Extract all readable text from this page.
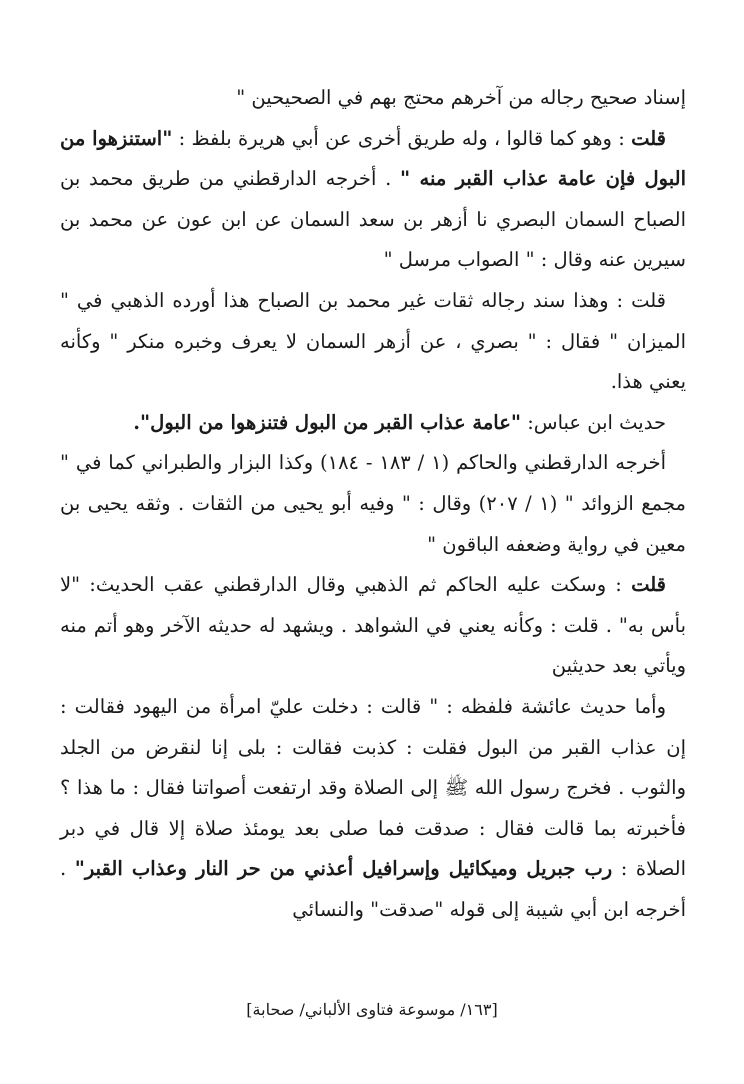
إسناد صحيح رجاله من آخرهم محتج بهم في الصحيحين "

قلت : وهو كما قالوا ، وله طريق أخرى عن أبي هريرة بلفظ : "استنزهوا من البول فإن عامة عذاب القبر منه " . أخرجه الدارقطني من طريق محمد بن الصباح السمان البصري نا أزهر بن سعد السمان عن ابن عون عن محمد بن سيرين عنه وقال : " الصواب مرسل "

قلت : وهذا سند رجاله ثقات غير محمد بن الصباح هذا أورده الذهبي في " الميزان " فقال : " بصري ، عن أزهر السمان لا يعرف وخبره منكر " وكأنه يعني هذا.

حديث ابن عباس: "عامة عذاب القبر من البول فتنزهوا من البول".

أخرجه الدارقطني والحاكم (١ / ١٨٣ - ١٨٤) وكذا البزار والطبراني كما في " مجمع الزوائد " (١ / ٢٠٧) وقال : " وفيه أبو يحيى من الثقات . وثقه يحيى بن معين في رواية وضعفه الباقون "

قلت : وسكت عليه الحاكم ثم الذهبي وقال الدارقطني عقب الحديث: "لا بأس به" . قلت : وكأنه يعني في الشواهد . ويشهد له حديثه الآخر وهو أتم منه ويأتي بعد حديثين

وأما حديث عائشة فلفظه : " قالت : دخلت عليّ امرأة من اليهود فقالت : إن عذاب القبر من البول فقلت : كذبت فقالت : بلى إنا لنقرض من الجلد والثوب . فخرج رسول الله ﷺ إلى الصلاة وقد ارتفعت أصواتنا فقال : ما هذا ؟ فأخبرته بما قالت فقال : صدقت فما صلى بعد يومئذ صلاة إلا قال في دبر الصلاة : رب جبريل وميكائيل وإسرافيل أعذني من حر النار وعذاب القبر" . أخرجه ابن أبي شيبة إلى قوله "صدقت" والنسائي

[١٦٣/ موسوعة فتاوى الألباني/ صحابة]
